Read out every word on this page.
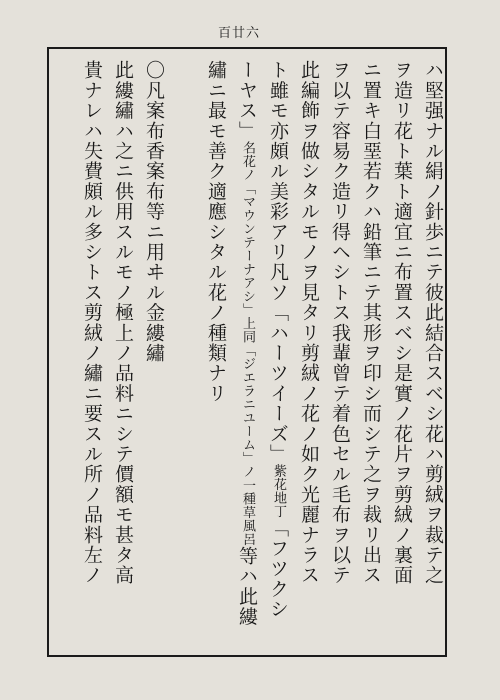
百廿六
ハ堅强ナル絹ノ針歩ニテ彼此結合スベシ花ハ剪絨ヲ裁テ之
ヲ造リ花ト葉ト適宜ニ布置スベシ是實ノ花片ヲ剪絨ノ裏面
ニ置キ白堊若クハ鉛筆ニテ其形ヲ印シ而シテ之ヲ裁リ出ス
ヲ以テ容易ク造リ得ヘシトス我輩曾テ着色セル毛布ヲ以テ
此編飾ヲ做シタルモノヲ見タリ剪絨ノ花ノ如ク光麗ナラス
ト雖モ亦頗ル美彩アリ凡ソ「ハーツイーズ」紫花地丁「フツクシ
ーヤス」名花ノ「マウンテーナアシ」上同「ジエラニユーム」ノ一種草風呂等ハ此縷
繡ニ最モ善ク適應シタル花ノ種類ナリ
〇凡案布香案布等ニ用ヰル金縷繡
此縷繡ハ之ニ供用スルモノ極上ノ品料ニシテ價額モ甚タ高
貴ナレハ失費頗ル多シトス剪絨ノ繡ニ要スル所ノ品料左ノ
